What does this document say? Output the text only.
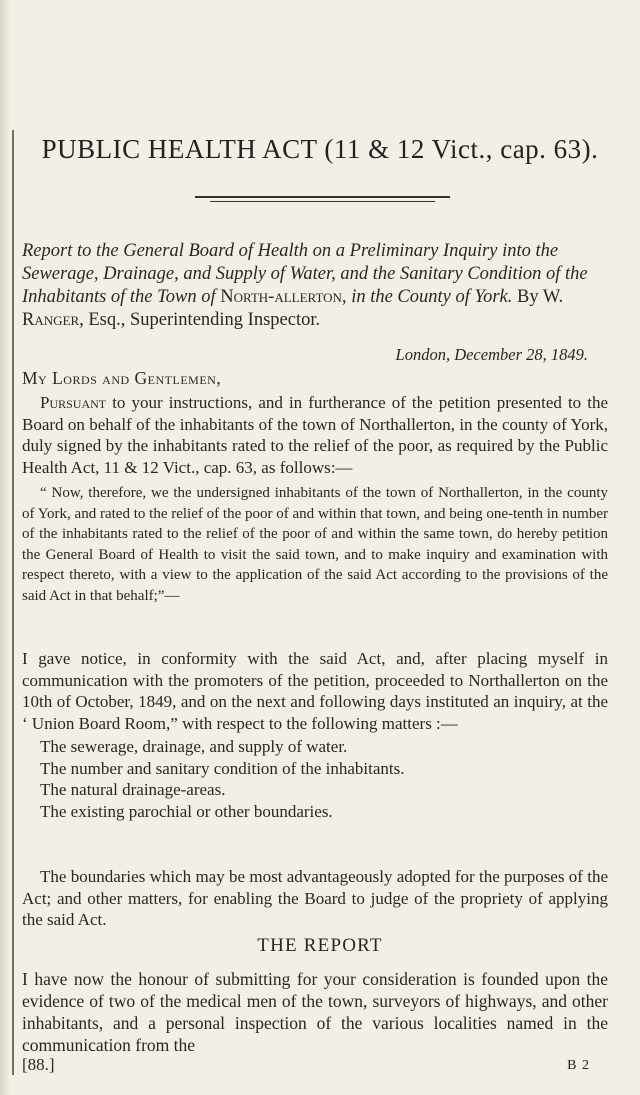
PUBLIC HEALTH ACT (11 & 12 Vict., cap. 63).
Report to the General Board of Health on a Preliminary Inquiry into the Sewerage, Drainage, and Supply of Water, and the Sanitary Condition of the Inhabitants of the Town of North-allerton, in the County of York. By W. Ranger, Esq., Superintending Inspector.
London, December 28, 1849.
My Lords and Gentlemen,
Pursuant to your instructions, and in furtherance of the petition presented to the Board on behalf of the inhabitants of the town of Northallerton, in the county of York, duly signed by the inhabitants rated to the relief of the poor, as required by the Public Health Act, 11 & 12 Vict., cap. 63, as follows:—
“ Now, therefore, we the undersigned inhabitants of the town of Northallerton, in the county of York, and rated to the relief of the poor of and within that town, and being one-tenth in number of the inhabitants rated to the relief of the poor of and within the same town, do hereby petition the General Board of Health to visit the said town, and to make inquiry and examination with respect thereto, with a view to the application of the said Act according to the provisions of the said Act in that behalf;”—
I gave notice, in conformity with the said Act, and, after placing myself in communication with the promoters of the petition, proceeded to Northallerton on the 10th of October, 1849, and on the next and following days instituted an inquiry, at the ‘ Union Board Room,” with respect to the following matters :—
The sewerage, drainage, and supply of water.
The number and sanitary condition of the inhabitants.
The natural drainage-areas.
The existing parochial or other boundaries.
The boundaries which may be most advantageously adopted for the purposes of the Act; and other matters, for enabling the Board to judge of the propriety of applying the said Act.
THE REPORT
I have now the honour of submitting for your consideration is founded upon the evidence of two of the medical men of the town, surveyors of highways, and other inhabitants, and a personal inspection of the various localities named in the communication from the
[88.]	B 2
